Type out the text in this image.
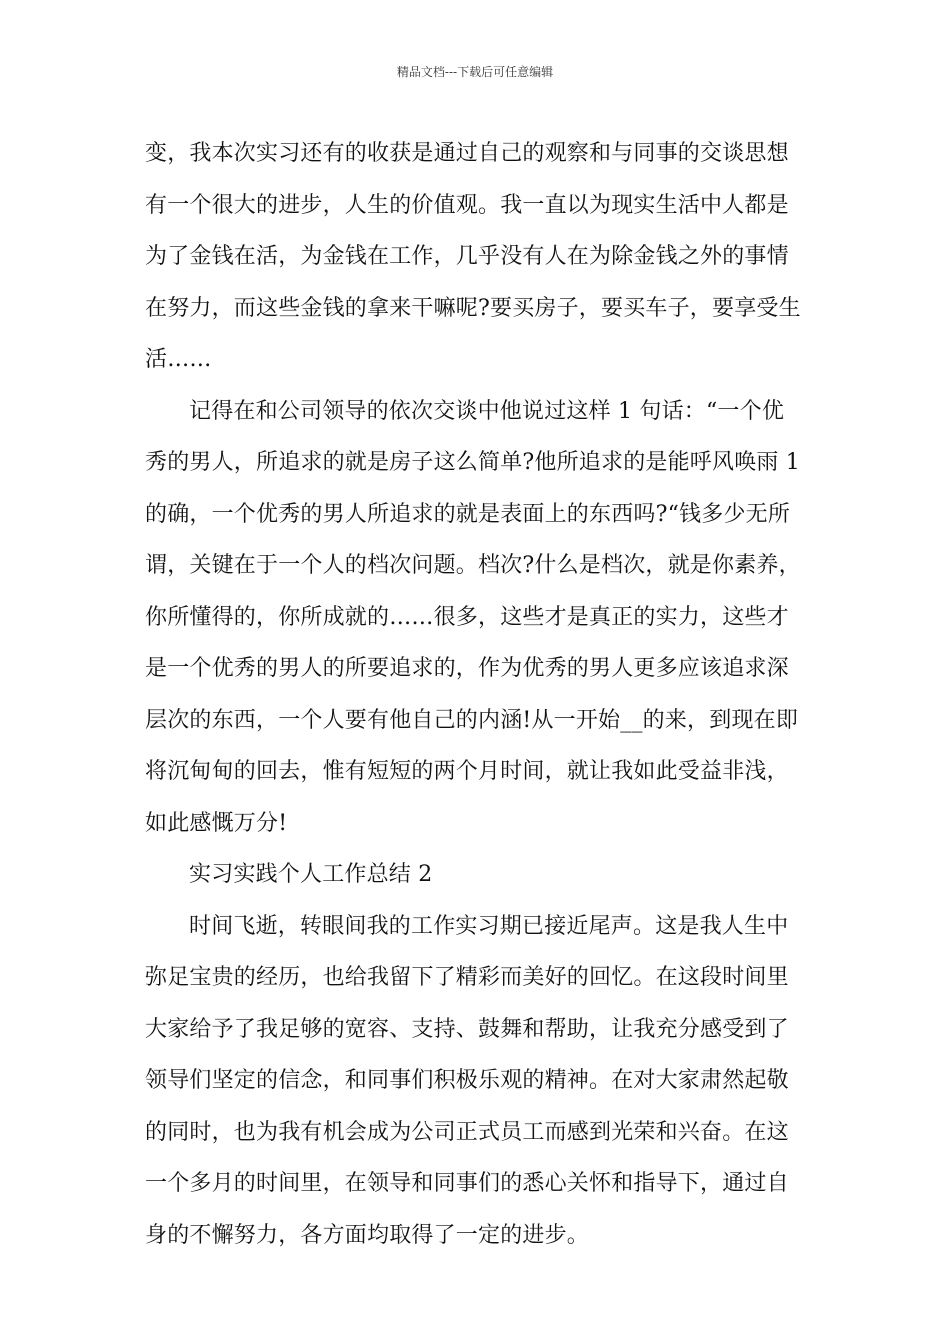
精品文档---下载后可任意编辑
变，我本次实习还有的收获是通过自己的观察和与同事的交谈思想
有一个很大的进步，人生的价值观。我一直以为现实生活中人都是
为了金钱在活，为金钱在工作，几乎没有人在为除金钱之外的事情
在努力，而这些金钱的拿来干嘛呢?要买房子，要买车子，要享受生
活……
记得在和公司领导的依次交谈中他说过这样 1 句话：“一个优
秀的男人，所追求的就是房子这么简单?他所追求的是能呼风唤雨 1
的确，一个优秀的男人所追求的就是表面上的东西吗?“钱多少无所
谓，关键在于一个人的档次问题。档次?什么是档次，就是你素养，
你所懂得的，你所成就的……很多，这些才是真正的实力，这些才
是一个优秀的男人的所要追求的，作为优秀的男人更多应该追求深
层次的东西，一个人要有他自己的内涵!从一开始__的来，到现在即
将沉甸甸的回去，惟有短短的两个月时间，就让我如此受益非浅，
如此感慨万分!
实习实践个人工作总结 2
时间飞逝，转眼间我的工作实习期已接近尾声。这是我人生中
弥足宝贵的经历，也给我留下了精彩而美好的回忆。在这段时间里
大家给予了我足够的宽容、支持、鼓舞和帮助，让我充分感受到了
领导们坚定的信念，和同事们积极乐观的精神。在对大家肃然起敬
的同时，也为我有机会成为公司正式员工而感到光荣和兴奋。在这
一个多月的时间里，在领导和同事们的悉心关怀和指导下，通过自
身的不懈努力，各方面均取得了一定的进步。
